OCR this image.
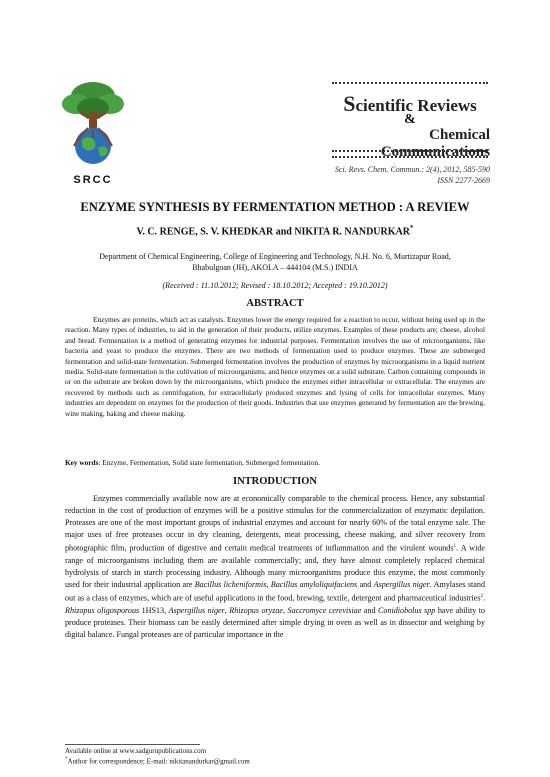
SRCC
Scientific Reviews
&
Chemical Communications
Sci. Revs. Chem. Commun.: 2(4), 2012, 585-590
ISSN 2277-2669
ENZYME SYNTHESIS BY FERMENTATION METHOD : A REVIEW
V. C. RENGE, S. V. KHEDKAR and NIKITA R. NANDURKAR*
Department of Chemical Engineering, College of Engineering and Technology, N.H. No. 6, Murtizapur Road,
Bhabulgoan (JH), AKOLA – 444104 (M.S.) INDIA
(Received : 11.10.2012; Revised : 18.10.2012; Accepted : 19.10.2012)
ABSTRACT

Enzymes are proteins, which act as catalysts. Enzymes lower the energy required for a reaction to occur, without being used up in the reaction. Many types of industries, to aid in the generation of their products, utilize enzymes. Examples of these products are; cheese, alcohol and bread. Fermentation is a method of generating enzymes for industrial purposes. Fermentation involves the use of microorganisms, like bacteria and yeast to produce the enzymes. There are two methods of fermentation used to produce enzymes. These are submerged fermentation and solid-state fermentation. Submerged fermentation involves the production of enzymes by microorganisms in a liquid nutrient media. Solid-state fermentation is the cultivation of microorganisms, and hence enzymes on a solid substrate. Carbon containing compounds in or on the substrate are broken down by the microorganisms, which produce the enzymes either intracellular or extracellular. The enzymes are recovered by methods such as centrifugation, for extracellularly produced enzymes and lysing of cells for intracellular enzymes. Many industries are dependent on enzymes for the production of their goods. Industries that use enzymes generated by fermentation are the brewing, wine making, baking and cheese making.

Key words: Enzyme, Fermentation, Solid state fermentation, Submerged fermentation.
INTRODUCTION

Enzymes commercially available now are at economically comparable to the chemical process. Hence, any substantial reduction in the cost of production of enzymes will be a positive stimulus for the commercialization of enzymatic depilation. Proteases are one of the most important groups of industrial enzymes and account for nearly 60% of the total enzyme sale. The major uses of free proteases occur in dry cleaning, detergents, meat processing, cheese making, and silver recovery from photographic film, production of digestive and certain medical treatments of inflammation and the virulent wounds$^1$. A wide range of microorganisms including them are available commercially; and, they have almost completely replaced chemical hydrolysis of starch in starch processing industry. Although many microorganisms produce this enzyme, the most commonly used for their industrial application are Bacillus licheniformis, Bacillus amyloliquifaciens and Aspergillus niger. Amylases stand out as a class of enzymes, which are of useful applications in the food, brewing, textile, detergent and pharmaceutical industries$^2$. Rhizopus oligosporous 1HS13, Aspergillus niger, Rhizopus oryzae, Saccromyce cerevisiae and Conidiobolus spp have ability to produce proteases. Their biomass can be easily determined after simple drying in oven as well as in dissector and weighing by digital balance. Fungal proteases are of particular importance in the

Available online at www.sadgurupublications.com
*Author for correspondence; E-mail: nikitanandurkar@gmail.com
